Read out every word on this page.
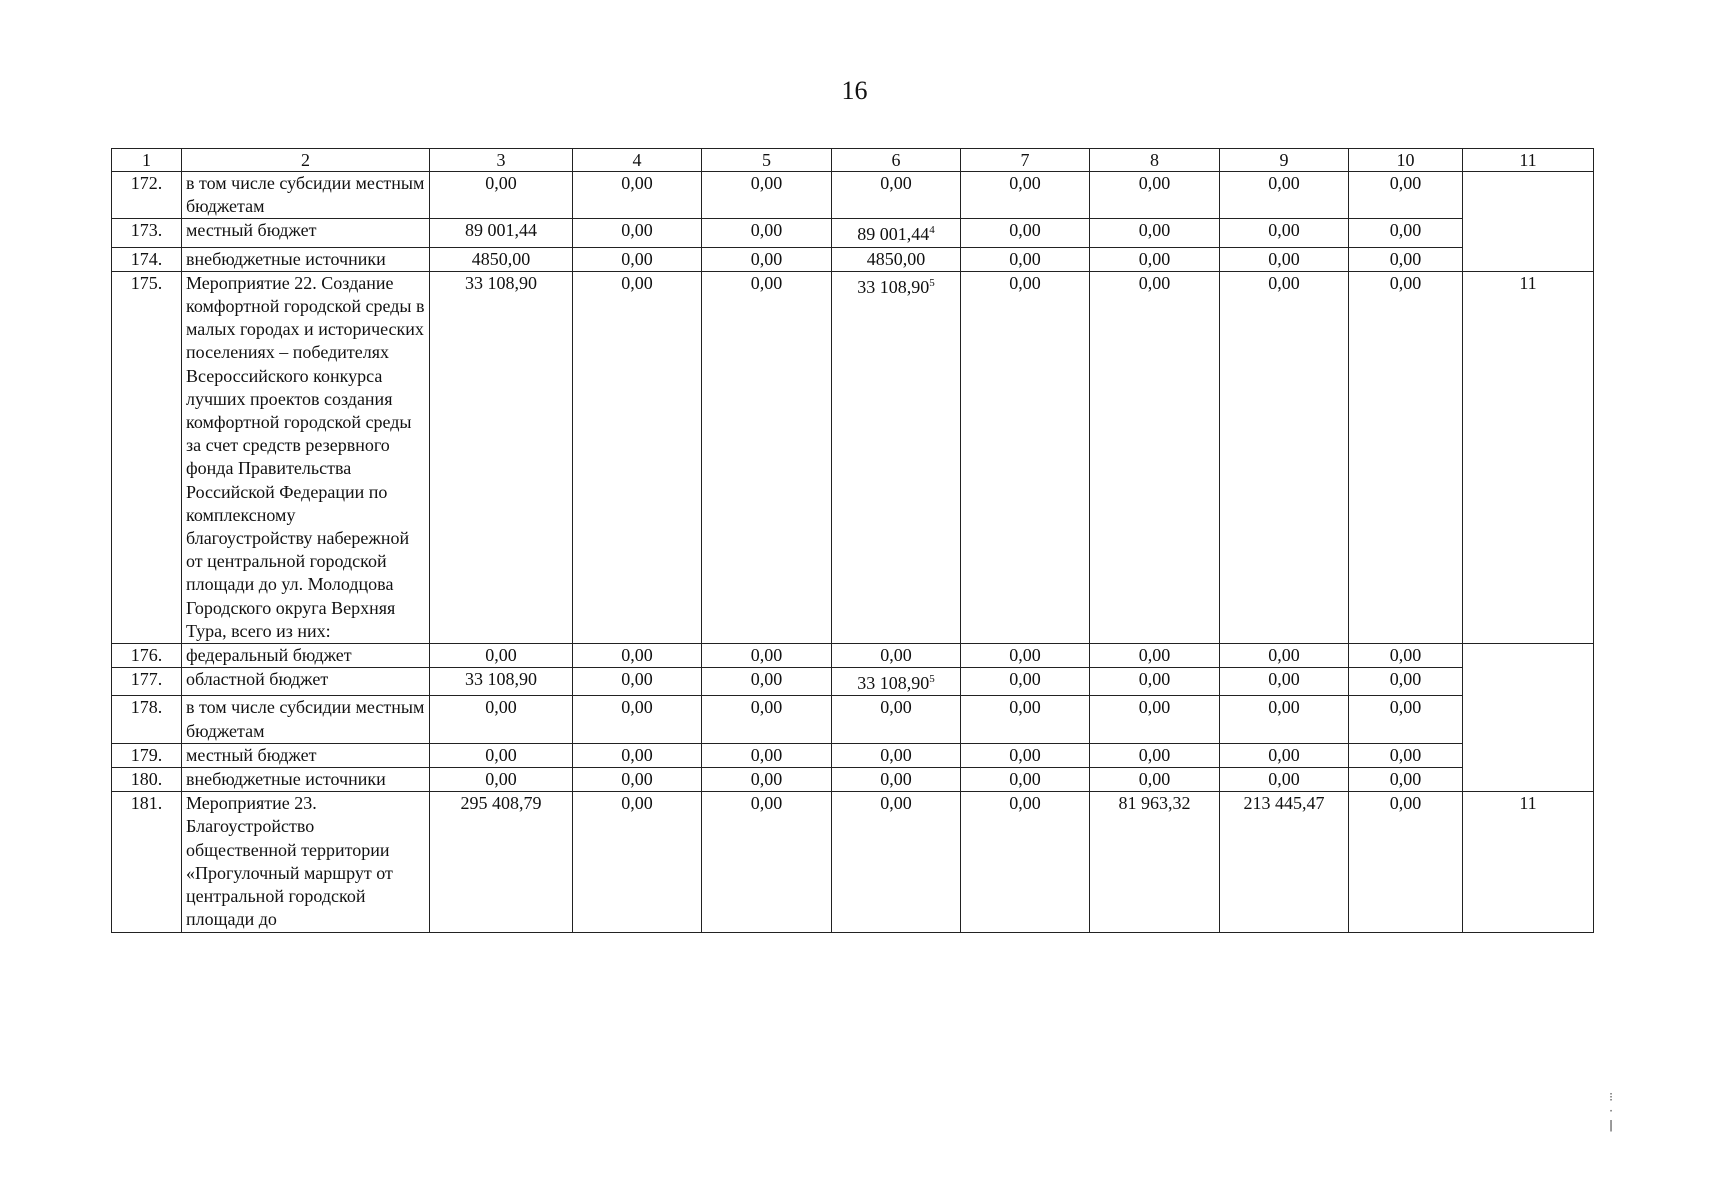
16
1	2	3	4	5	6	7	8	9	10	11
172.	в том числе субсидии местным бюджетам	0,00	0,00	0,00	0,00	0,00	0,00	0,00	0,00	
173.	местный бюджет	89 001,44	0,00	0,00	89 001,44$^4$	0,00	0,00	0,00	0,00	
174.	внебюджетные источники	4850,00	0,00	0,00	4850,00	0,00	0,00	0,00	0,00	
175.	Мероприятие 22. Создание комфортной городской среды в малых городах и исторических поселениях – победителях Всероссийского конкурса лучших проектов создания комфортной городской среды за счет средств резервного фонда Правительства Российской Федерации по комплексному благоустройству набережной от центральной городской площади до ул. Молодцова Городского округа Верхняя Тура, всего из них:	33 108,90	0,00	0,00	33 108,90$^5$	0,00	0,00	0,00	0,00	11
176.	федеральный бюджет	0,00	0,00	0,00	0,00	0,00	0,00	0,00	0,00	
177.	областной бюджет	33 108,90	0,00	0,00	33 108,90$^5$	0,00	0,00	0,00	0,00	
178.	в том числе субсидии местным бюджетам	0,00	0,00	0,00	0,00	0,00	0,00	0,00	0,00	
179.	местный бюджет	0,00	0,00	0,00	0,00	0,00	0,00	0,00	0,00	
180.	внебюджетные источники	0,00	0,00	0,00	0,00	0,00	0,00	0,00	0,00	
181.	Мероприятие 23. Благоустройство общественной территории «Прогулочный маршрут от центральной городской площади до	295 408,79	0,00	0,00	0,00	0,00	81 963,32	213 445,47	0,00	11
⁝
·
ǀ
